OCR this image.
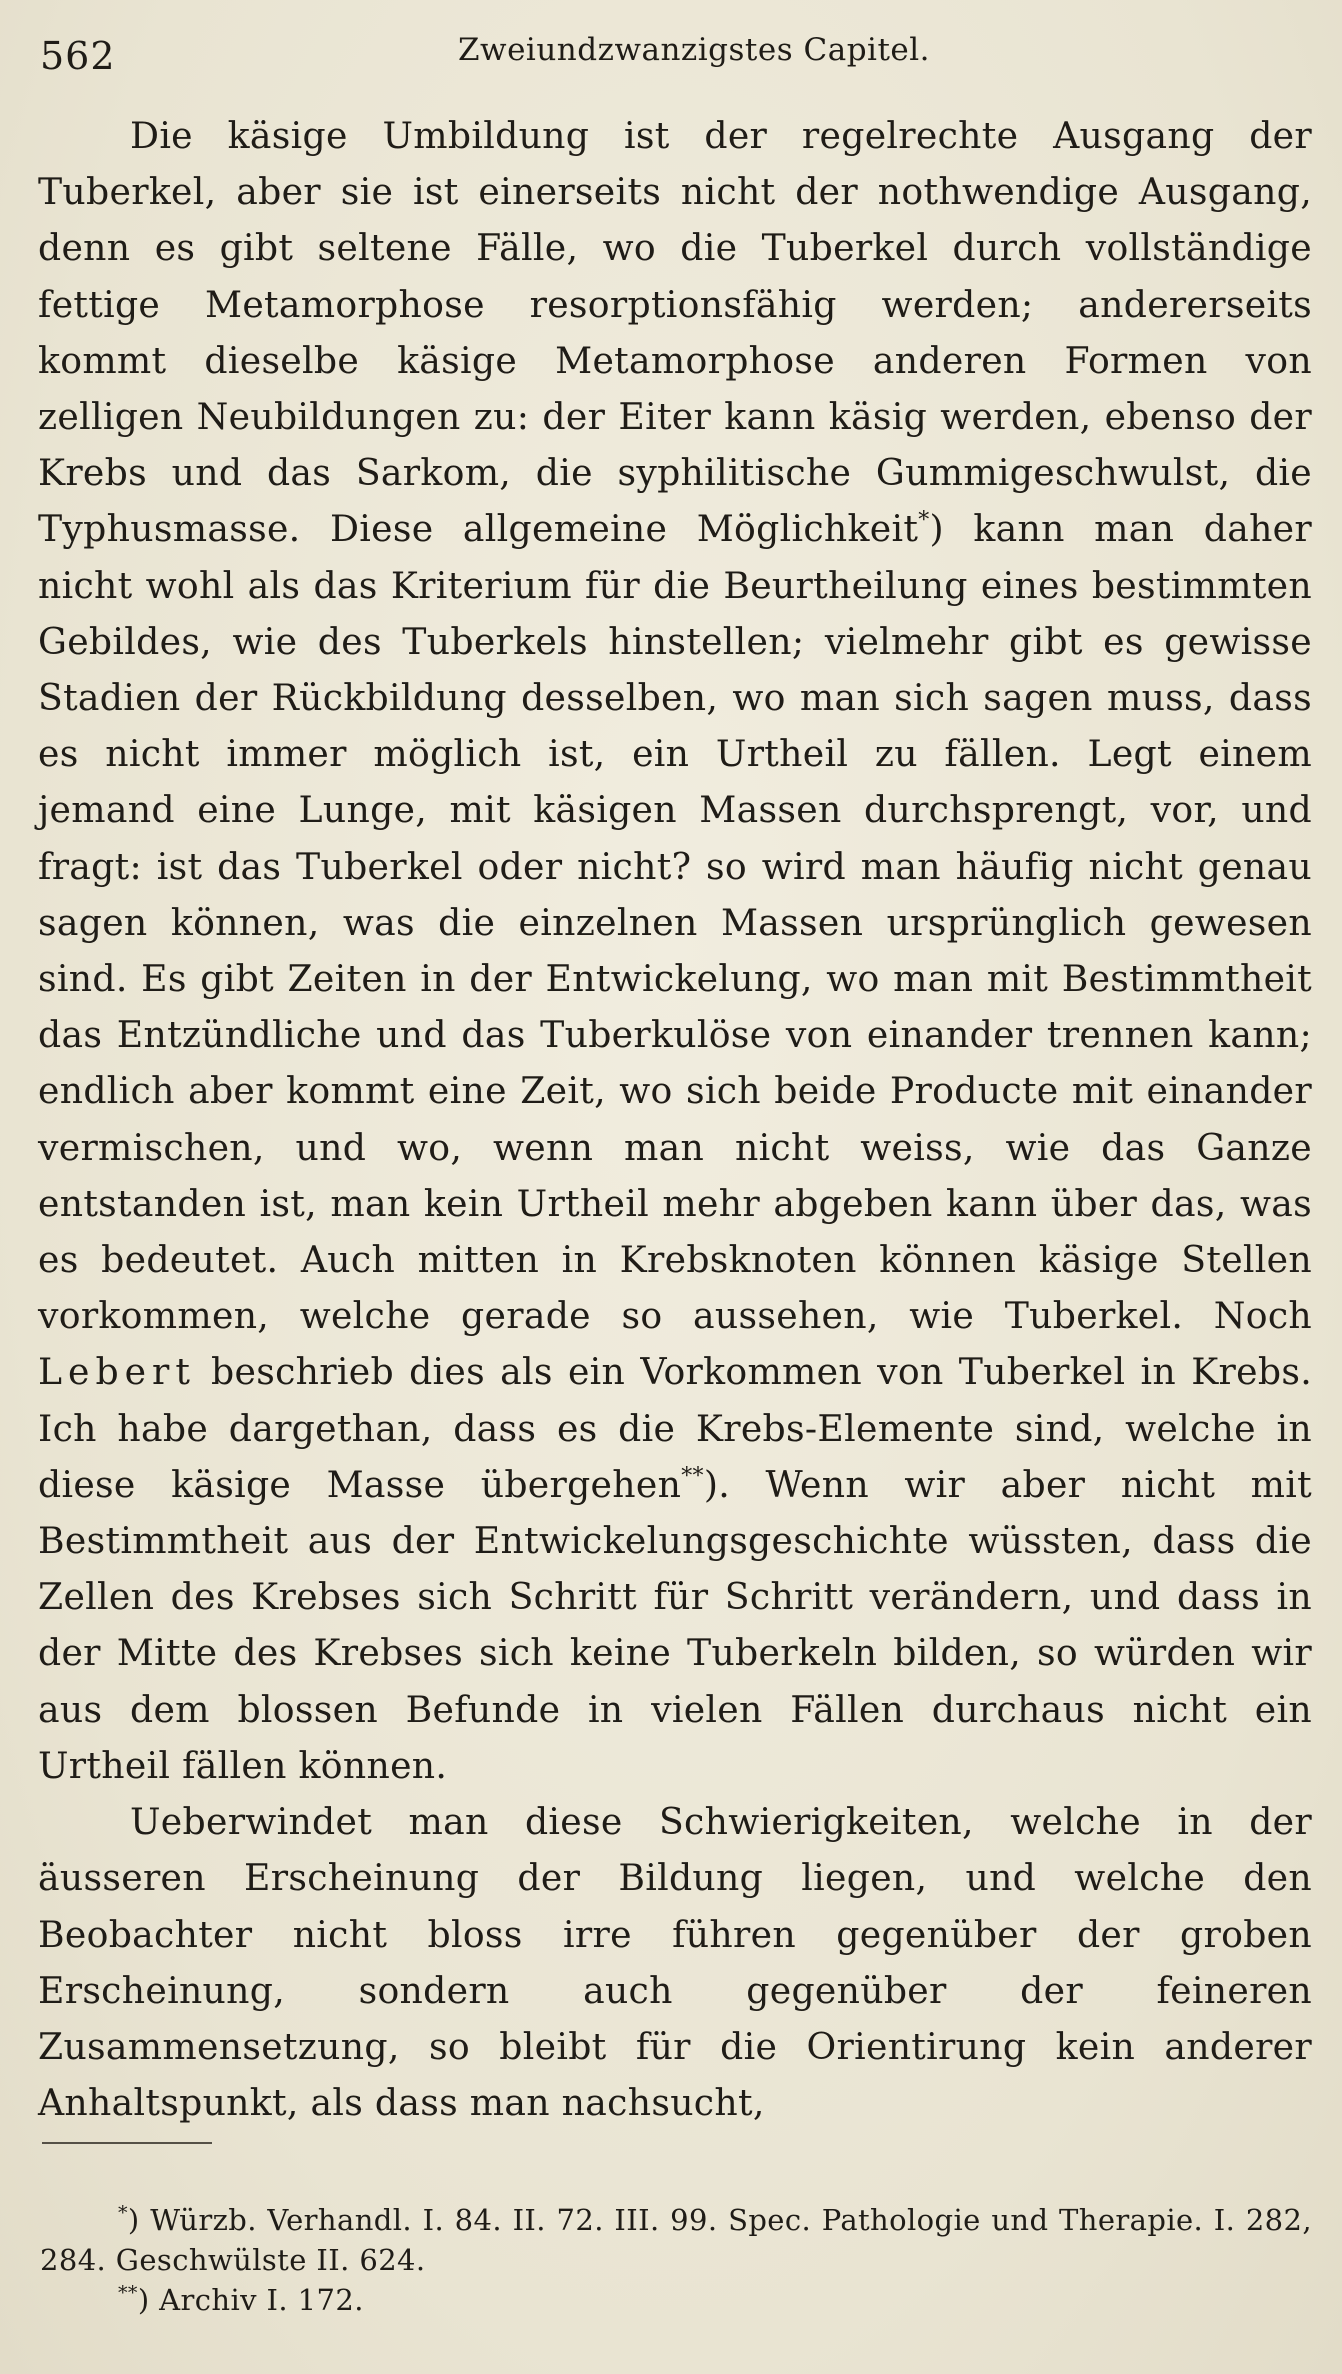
562	Zweiundzwanzigstes Capitel.

Die käsige Umbildung ist der regelrechte Ausgang der Tuberkel, aber sie ist einerseits nicht der nothwendige Ausgang, denn es gibt seltene Fälle, wo die Tuberkel durch vollständige fettige Metamorphose resorptionsfähig werden; andererseits kommt dieselbe käsige Metamorphose anderen Formen von zelligen Neubildungen zu: der Eiter kann käsig werden, ebenso der Krebs und das Sarkom, die syphilitische Gummigeschwulst, die Typhusmasse. Diese allgemeine Möglichkeit*) kann man daher nicht wohl als das Kriterium für die Beurtheilung eines bestimmten Gebildes, wie des Tuberkels hinstellen; vielmehr gibt es gewisse Stadien der Rückbildung desselben, wo man sich sagen muss, dass es nicht immer möglich ist, ein Urtheil zu fällen. Legt einem jemand eine Lunge, mit käsigen Massen durchsprengt, vor, und fragt: ist das Tuberkel oder nicht? so wird man häufig nicht genau sagen können, was die einzelnen Massen ursprünglich gewesen sind. Es gibt Zeiten in der Entwickelung, wo man mit Bestimmtheit das Entzündliche und das Tuberkulöse von einander trennen kann; endlich aber kommt eine Zeit, wo sich beide Producte mit einander vermischen, und wo, wenn man nicht weiss, wie das Ganze entstanden ist, man kein Urtheil mehr abgeben kann über das, was es bedeutet. Auch mitten in Krebsknoten können käsige Stellen vorkommen, welche gerade so aussehen, wie Tuberkel. Noch Lebert beschrieb dies als ein Vorkommen von Tuberkel in Krebs. Ich habe dargethan, dass es die Krebs-Elemente sind, welche in diese käsige Masse übergehen**). Wenn wir aber nicht mit Bestimmtheit aus der Entwickelungsgeschichte wüssten, dass die Zellen des Krebses sich Schritt für Schritt verändern, und dass in der Mitte des Krebses sich keine Tuberkeln bilden, so würden wir aus dem blossen Befunde in vielen Fällen durchaus nicht ein Urtheil fällen können.

Ueberwindet man diese Schwierigkeiten, welche in der äusseren Erscheinung der Bildung liegen, und welche den Beobachter nicht bloss irre führen gegenüber der groben Erscheinung, sondern auch gegenüber der feineren Zusammensetzung, so bleibt für die Orientirung kein anderer Anhaltspunkt, als dass man nachsucht,

*) Würzb. Verhandl. I. 84. II. 72. III. 99. Spec. Pathologie und Therapie. I. 282, 284. Geschwülste II. 624.

**) Archiv I. 172.
